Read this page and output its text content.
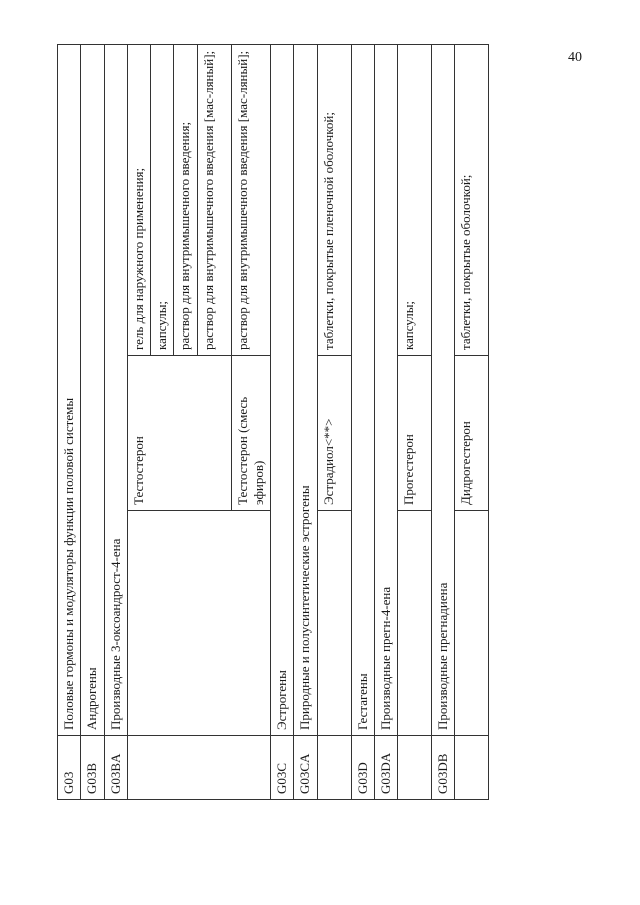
40
G03	Половые гормоны и модуляторы функции половой системы		
G03B	Андрогены		
G03BA	Производные 3-оксоандрост-4-ена		
		Тестостерон	гель для наружного применения;
			капсулы;
			раствор для внутримышечного введения;
			раствор для внутримышечного введения [мас-ляный];
		Тестостерон (смесь эфиров)	раствор для внутримышечного введения [мас-ляный];
G03C	Эстрогены		
G03CA	Природные и полусинтетические эстрогены		
		Эстрадиол<**>	таблетки, покрытые пленочной оболочкой;
G03D	Гестагены		
G03DA	Производные прегн-4-ена		
		Прогестерон	капсулы;
G03DB	Производные прегнадиена		
		Дидрогестерон	таблетки, покрытые оболочкой;
